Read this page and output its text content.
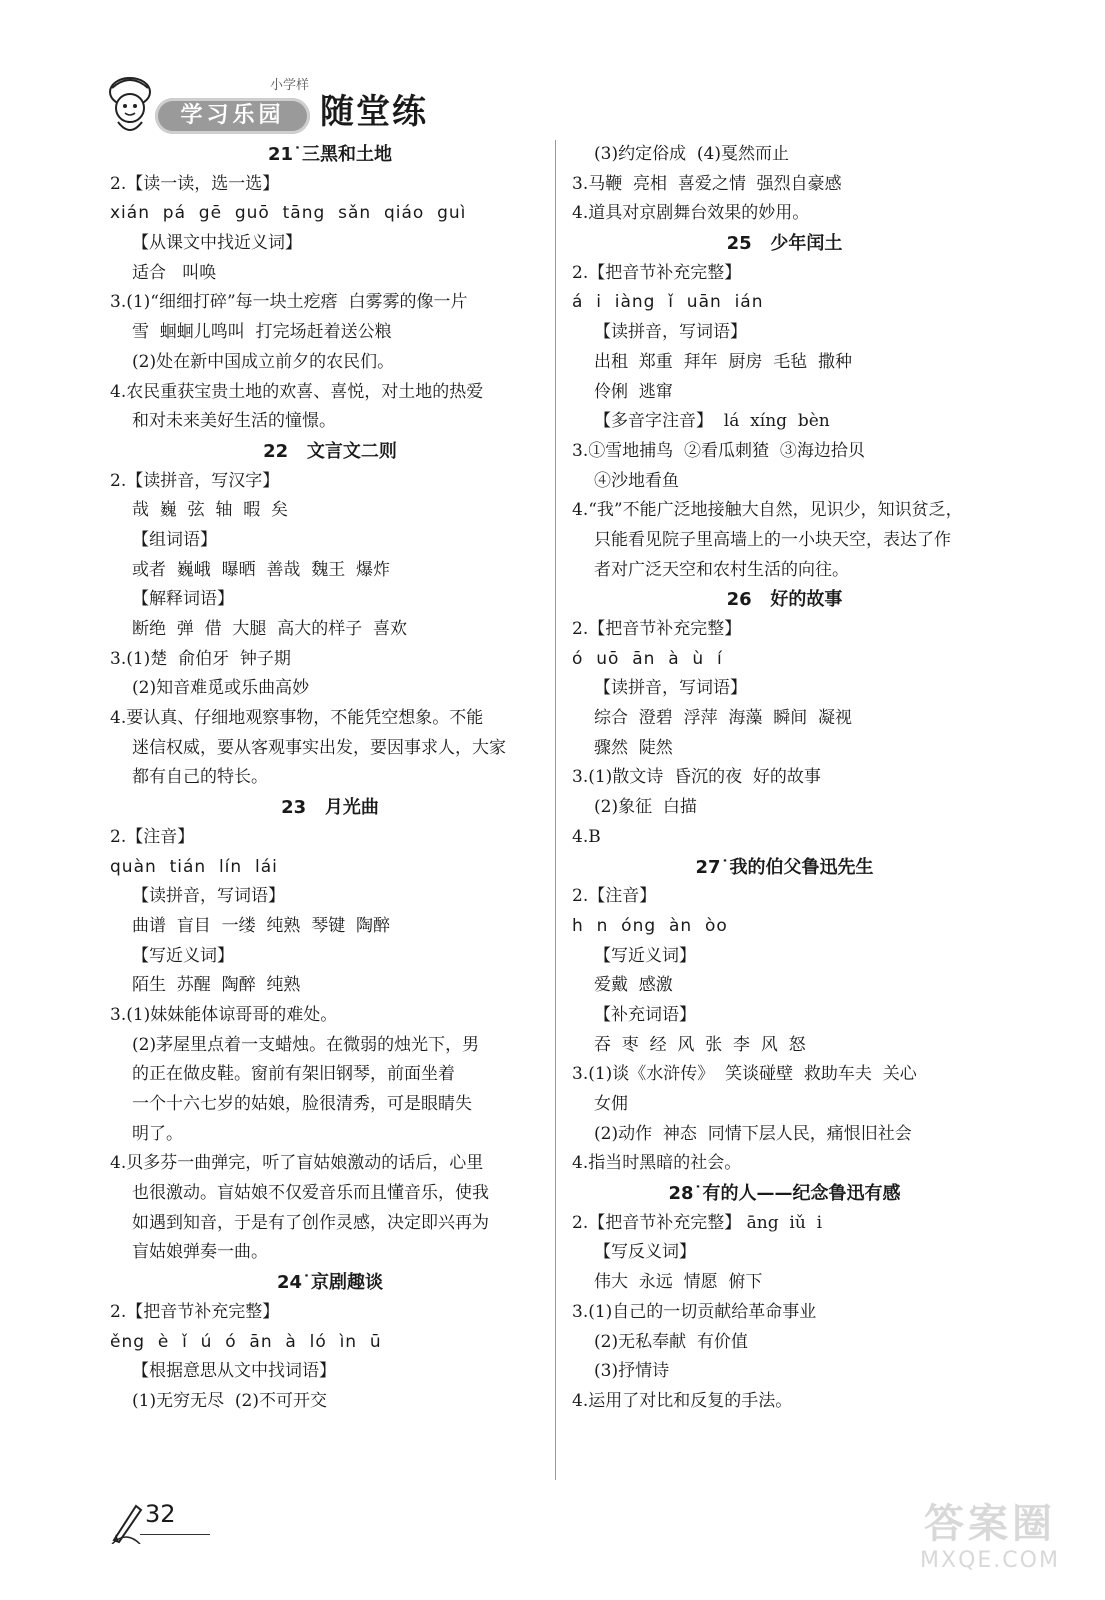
学习乐园
小学样
随堂练
21˙三黑和土地
2.【读一读，选一选】
xián  pá  gē  guō  tāng  sǎn  qiáo  guì
【从课文中找近义词】
适合   叫唤
3.(1)“细细打碎”每一块土疙瘩  白雾雾的像一片
雪  蛔蛔儿鸣叫  打完场赶着送公粮
(2)处在新中国成立前夕的农民们。
4.农民重获宝贵土地的欢喜、喜悦，对土地的热爱
和对未来美好生活的憧憬。
22   文言文二则
2.【读拼音，写汉字】
哉  巍  弦  轴  暇  矣
【组词语】
或者  巍峨  曝晒  善哉  魏王  爆炸
【解释词语】
断绝  弹  借  大腿  高大的样子  喜欢
3.(1)楚  俞伯牙  钟子期
(2)知音难觅或乐曲高妙
4.要认真、仔细地观察事物，不能凭空想象。不能
迷信权威，要从客观事实出发，要因事求人，大家
都有自己的特长。
23   月光曲
2.【注音】
quàn  tián  lín  lái
【读拼音，写词语】
曲谱  盲目  一缕  纯熟  琴键  陶醉
【写近义词】
陌生  苏醒  陶醉  纯熟
3.(1)妹妹能体谅哥哥的难处。
(2)茅屋里点着一支蜡烛。在微弱的烛光下，男
的正在做皮鞋。窗前有架旧钢琴，前面坐着
一个十六七岁的姑娘，脸很清秀，可是眼睛失
明了。
4.贝多芬一曲弹完，听了盲姑娘激动的话后，心里
也很激动。盲姑娘不仅爱音乐而且懂音乐，使我
如遇到知音，于是有了创作灵感，决定即兴再为
盲姑娘弹奏一曲。
24˙京剧趣谈
2.【把音节补充完整】
ěng  è  ǐ  ú  ó  ān  à  ló  ìn  ū
【根据意思从文中找词语】
(1)无穷无尽  (2)不可开交
(3)约定俗成  (4)戛然而止
3.马鞭  亮相  喜爱之情  强烈自豪感
4.道具对京剧舞台效果的妙用。
25   少年闰土
2.【把音节补充完整】
á  i  iàng  ǐ  uān  ián
【读拼音，写词语】
出租  郑重  拜年  厨房  毛毡  撒种
伶俐  逃窜
【多音字注音】  lá  xíng  bèn
3.①雪地捕鸟  ②看瓜刺猹  ③海边拾贝
④沙地看鱼
4.“我”不能广泛地接触大自然，见识少，知识贫乏，
只能看见院子里高墙上的一小块天空，表达了作
者对广泛天空和农村生活的向往。
26   好的故事
2.【把音节补充完整】
ó  uō  ān  à  ù  í
【读拼音，写词语】
综合  澄碧  浮萍  海藻  瞬间  凝视
骤然  陡然
3.(1)散文诗  昏沉的夜  好的故事
(2)象征  白描
4.B
27˙我的伯父鲁迅先生
2.【注音】
h  n  óng  àn  òo
【写近义词】
爱戴  感激
【补充词语】
吞  枣  经  风  张  李  风  怒
3.(1)谈《水浒传》  笑谈碰壁  救助车夫  关心
女佣
(2)动作  神态  同情下层人民，痛恨旧社会
4.指当时黑暗的社会。
28˙有的人——纪念鲁迅有感
2.【把音节补充完整】 āng  iǔ  i
【写反义词】
伟大  永远  情愿  俯下
3.(1)自己的一切贡献给革命事业
(2)无私奉献  有价值
(3)抒情诗
4.运用了对比和反复的手法。
32	答案圈
MXQE.COM
